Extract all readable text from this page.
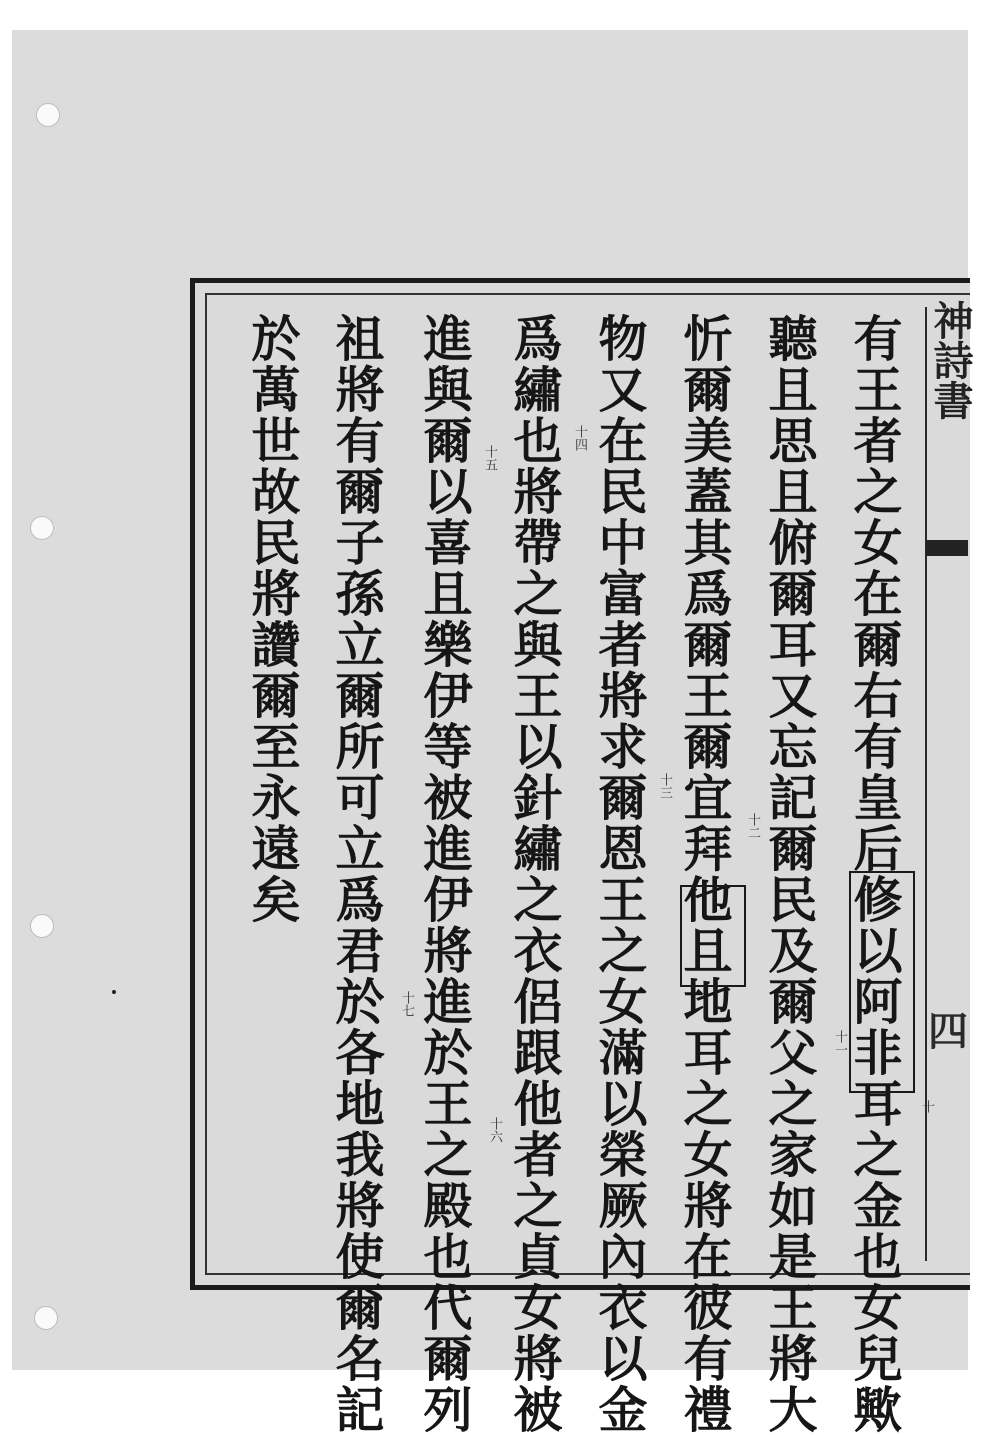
有王者之女在爾右有皇后修以阿非耳之金也女兒歟
聽且思且俯爾耳又忘記爾民及爾父之家如是王將大
忻爾美蓋其爲爾王爾宜拜他且地耳之女將在彼有禮
物又在民中富者將求爾恩王之女滿以榮厥內衣以金
爲繡也將帶之與王以針繡之衣侶跟他者之貞女將被
進與爾以喜且樂伊等被進伊將進於王之殿也代爾列
祖將有爾子孫立爾所可立爲君於各地我將使爾名記
於萬世故民將讚爾至永遠矣
十
十一
十二
十三
十四
十五
十六
十七
神詩書
四
